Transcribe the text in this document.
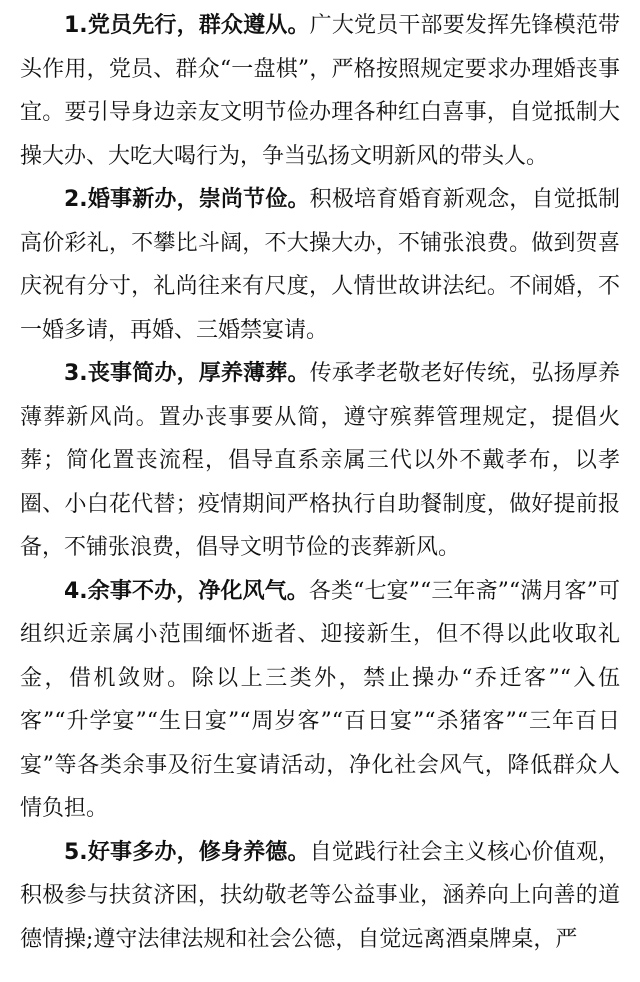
1.党员先行，群众遵从。广大党员干部要发挥先锋模范带头作用，党员、群众“一盘棋”，严格按照规定要求办理婚丧事宜。要引导身边亲友文明节俭办理各种红白喜事，自觉抵制大操大办、大吃大喝行为，争当弘扬文明新风的带头人。

2.婚事新办，崇尚节俭。积极培育婚育新观念，自觉抵制高价彩礼，不攀比斗阔，不大操大办，不铺张浪费。做到贺喜庆祝有分寸，礼尚往来有尺度，人情世故讲法纪。不闹婚，不一婚多请，再婚、三婚禁宴请。

3.丧事简办，厚养薄葬。传承孝老敬老好传统，弘扬厚养薄葬新风尚。置办丧事要从简，遵守殡葬管理规定，提倡火葬；简化置丧流程，倡导直系亲属三代以外不戴孝布，以孝圈、小白花代替；疫情期间严格执行自助餐制度，做好提前报备，不铺张浪费，倡导文明节俭的丧葬新风。

4.余事不办，净化风气。各类“七宴”“三年斋”“满月客”可组织近亲属小范围缅怀逝者、迎接新生，但不得以此收取礼金，借机敛财。除以上三类外，禁止操办“乔迁客”“入伍客”“升学宴”“生日宴”“周岁客”“百日宴”“杀猪客”“三年百日宴”等各类余事及衍生宴请活动，净化社会风气，降低群众人情负担。

5.好事多办，修身养德。自觉践行社会主义核心价值观，积极参与扶贫济困，扶幼敬老等公益事业，涵养向上向善的道德情操;遵守法律法规和社会公德，自觉远离酒桌牌桌，严
